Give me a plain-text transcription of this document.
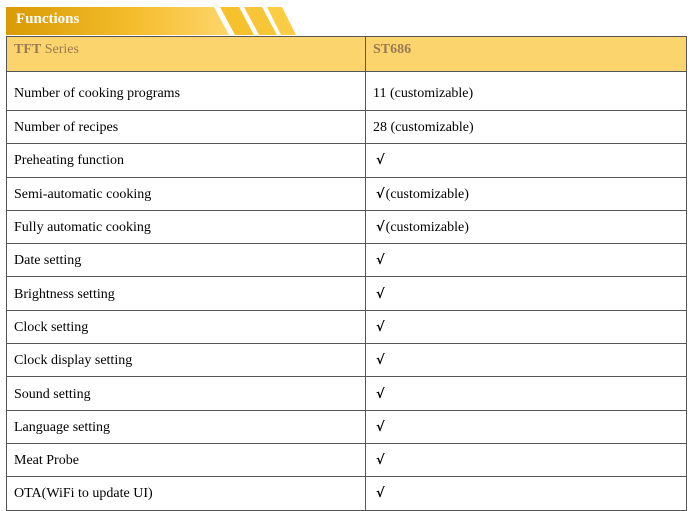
Functions
TFT Series	ST686
Number of cooking programs	11 (customizable)
Number of recipes	28 (customizable)
Preheating function	√
Semi-automatic cooking	√(customizable)
Fully automatic cooking	√(customizable)
Date setting	√
Brightness setting	√
Clock setting	√
Clock display setting	√
Sound setting	√
Language setting	√
Meat Probe	√
OTA(WiFi to update UI)	√
